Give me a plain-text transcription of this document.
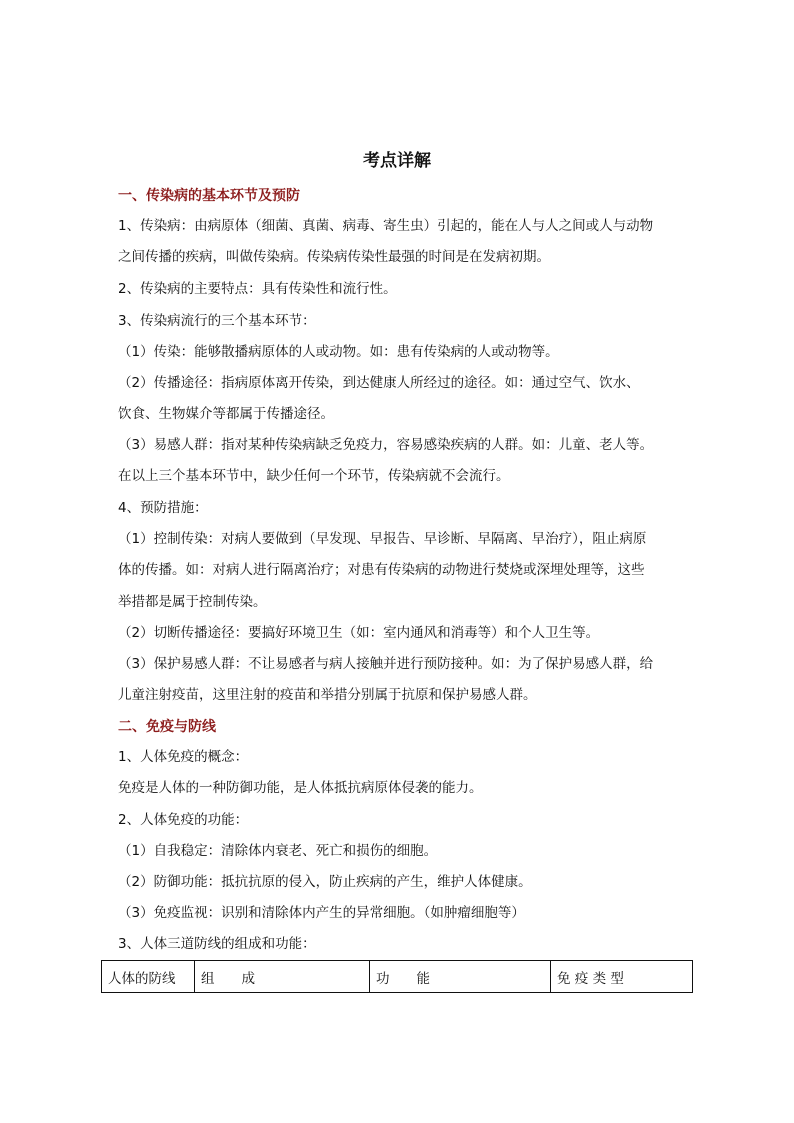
考点详解
一、传染病的基本环节及预防
1、传染病：由病原体（细菌、真菌、病毒、寄生虫）引起的，能在人与人之间或人与动物
之间传播的疾病，叫做传染病。传染病传染性最强的时间是在发病初期。
2、传染病的主要特点：具有传染性和流行性。
3、传染病流行的三个基本环节：
（1）传染：能够散播病原体的人或动物。如：患有传染病的人或动物等。
（2）传播途径：指病原体离开传染，到达健康人所经过的途径。如：通过空气、饮水、
饮食、生物媒介等都属于传播途径。
（3）易感人群：指对某种传染病缺乏免疫力，容易感染疾病的人群。如：儿童、老人等。
在以上三个基本环节中，缺少任何一个环节，传染病就不会流行。
4、预防措施：
（1）控制传染：对病人要做到（早发现、早报告、早诊断、早隔离、早治疗），阻止病原
体的传播。如：对病人进行隔离治疗；对患有传染病的动物进行焚烧或深埋处理等，这些
举措都是属于控制传染。
（2）切断传播途径：要搞好环境卫生（如：室内通风和消毒等）和个人卫生等。
（3）保护易感人群：不让易感者与病人接触并进行预防接种。如：为了保护易感人群，给
儿童注射疫苗，这里注射的疫苗和举措分别属于抗原和保护易感人群。
二、免疫与防线
1、人体免疫的概念：
免疫是人体的一种防御功能，是人体抵抗病原体侵袭的能力。
2、人体免疫的功能：
（1）自我稳定：清除体内衰老、死亡和损伤的细胞。
（2）防御功能：抵抗抗原的侵入，防止疾病的产生，维护人体健康。
（3）免疫监视：识别和清除体内产生的异常细胞。（如肿瘤细胞等）
3、人体三道防线的组成和功能：
人体的防线	组　　成	功　　能	免 疫 类 型
